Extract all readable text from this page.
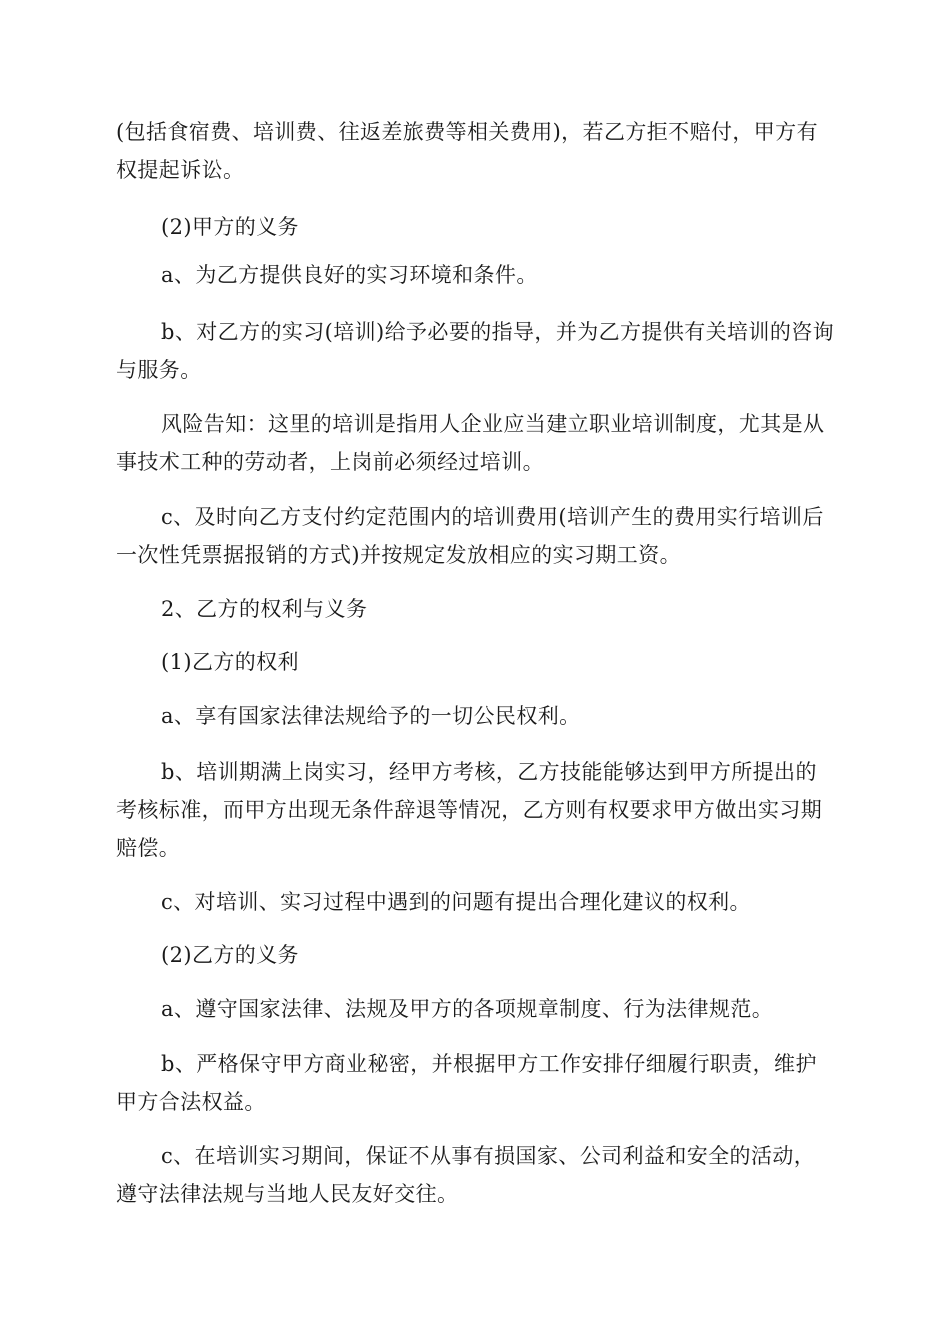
(包括食宿费、培训费、往返差旅费等相关费用)，若乙方拒不赔付，甲方有权提起诉讼。

(2)甲方的义务

a、为乙方提供良好的实习环境和条件。

b、对乙方的实习(培训)给予必要的指导，并为乙方提供有关培训的咨询与服务。

风险告知：这里的培训是指用人企业应当建立职业培训制度，尤其是从事技术工种的劳动者，上岗前必须经过培训。

c、及时向乙方支付约定范围内的培训费用(培训产生的费用实行培训后一次性凭票据报销的方式)并按规定发放相应的实习期工资。

2、乙方的权利与义务

(1)乙方的权利

a、享有国家法律法规给予的一切公民权利。

b、培训期满上岗实习，经甲方考核，乙方技能能够达到甲方所提出的考核标准，而甲方出现无条件辞退等情况，乙方则有权要求甲方做出实习期赔偿。

c、对培训、实习过程中遇到的问题有提出合理化建议的权利。

(2)乙方的义务

a、遵守国家法律、法规及甲方的各项规章制度、行为法律规范。

b、严格保守甲方商业秘密，并根据甲方工作安排仔细履行职责，维护甲方合法权益。

c、在培训实习期间，保证不从事有损国家、公司利益和安全的活动，遵守法律法规与当地人民友好交往。
